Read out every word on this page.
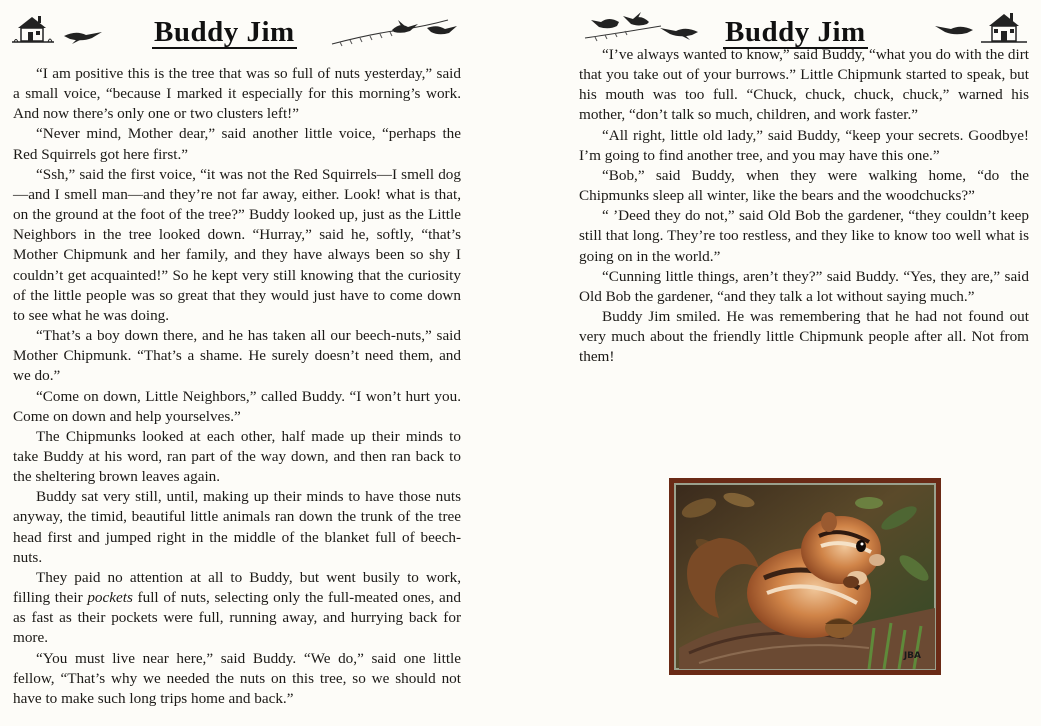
Buddy Jim

“I am positive this is the tree that was so full of nuts yesterday,” said a small voice, “because I marked it especially for this morning’s work. And now there’s only one or two clusters left!”

“Never mind, Mother dear,” said another little voice, “perhaps the Red Squirrels got here first.”

“Ssh,” said the first voice, “it was not the Red Squirrels—I smell dog—and I smell man—and they’re not far away, either. Look! what is that, on the ground at the foot of the tree?” Buddy looked up, just as the Little Neighbors in the tree looked down. “Hurray,” said he, softly, “that’s Mother Chipmunk and her family, and they have always been so shy I couldn’t get acquainted!” So he kept very still knowing that the curiosity of the little people was so great that they would just have to come down to see what he was doing.

“That’s a boy down there, and he has taken all our beech-nuts,” said Mother Chipmunk. “That’s a shame. He surely doesn’t need them, and we do.”

“Come on down, Little Neighbors,” called Buddy. “I won’t hurt you. Come on down and help yourselves.”

The Chipmunks looked at each other, half made up their minds to take Buddy at his word, ran part of the way down, and then ran back to the sheltering brown leaves again.

Buddy sat very still, until, making up their minds to have those nuts anyway, the timid, beautiful little animals ran down the trunk of the tree head first and jumped right in the middle of the blanket full of beech-nuts.

They paid no attention at all to Buddy, but went busily to work, filling their pockets full of nuts, selecting only the full-meated ones, and as fast as their pockets were full, running away, and hurrying back for more.

“You must live near here,” said Buddy. “We do,” said one little fellow, “That’s why we needed the nuts on this tree, so we should not have to make such long trips home and back.”

Buddy Jim

“I’ve always wanted to know,” said Buddy, “what you do with the dirt that you take out of your burrows.” Little Chipmunk started to speak, but his mouth was too full. “Chuck, chuck, chuck, chuck,” warned his mother, “don’t talk so much, children, and work faster.”

“All right, little old lady,” said Buddy, “keep your secrets. Goodbye! I’m going to find another tree, and you may have this one.”

“Bob,” said Buddy, when they were walking home, “do the Chipmunks sleep all winter, like the bears and the woodchucks?”

“ ’Deed they do not,” said Old Bob the gardener, “they couldn’t keep still that long. They’re too restless, and they like to know too well what is going on in the world.”

“Cunning little things, aren’t they?” said Buddy. “Yes, they are,” said Old Bob the gardener, “and they talk a lot without saying much.”

Buddy Jim smiled. He was remembering that he had not found out very much about the friendly little Chipmunk people after all. Not from them!

JBA
